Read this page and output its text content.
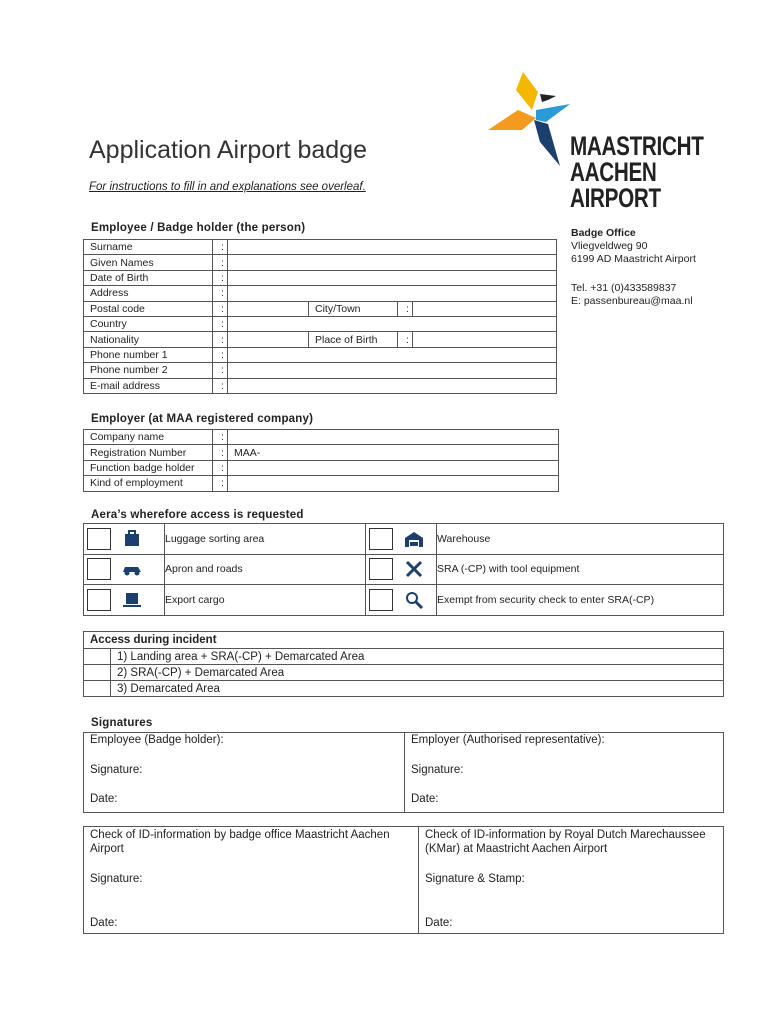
MAASTRICHT
AACHEN
AIRPORT
Application Airport badge
For instructions to fill in and explanations see overleaf.
Badge Office
Vliegveldweg 90
6199 AD Maastricht Airport
Tel. +31 (0)433589837
E: passenbureau@maa.nl
Employee / Badge holder (the person)
Surname	:				
Given Names	:				
Date of Birth	:				
Address	:				
Postal code	:		City/Town	:	
Country	:				
Nationality	:		Place of Birth	:	
Phone number 1	:				
Phone number 2	:				
E-mail address	:				
Employer (at MAA registered company)
Company name	:	
Registration Number	:	MAA-
Function badge holder	:	
Kind of employment	:	
Aera’s wherefore access is requested
	Luggage sorting area		Warehouse
	Apron and roads		SRA (-CP) with tool equipment
	Export cargo		Exempt from security check to enter SRA(-CP)
Access during incident	
	1) Landing area + SRA(-CP) + Demarcated Area
	2) SRA(-CP) + Demarcated Area
	3) Demarcated Area
Signatures
Employee (Badge holder):
Signature:
Date:

Employer (Authorised representative):
Signature:
Date:
Check of ID-information by badge office Maastricht Aachen Airport
Signature:
Date:

Check of ID-information by Royal Dutch Marechaussee (KMar) at Maastricht Aachen Airport
Signature & Stamp:
Date:
